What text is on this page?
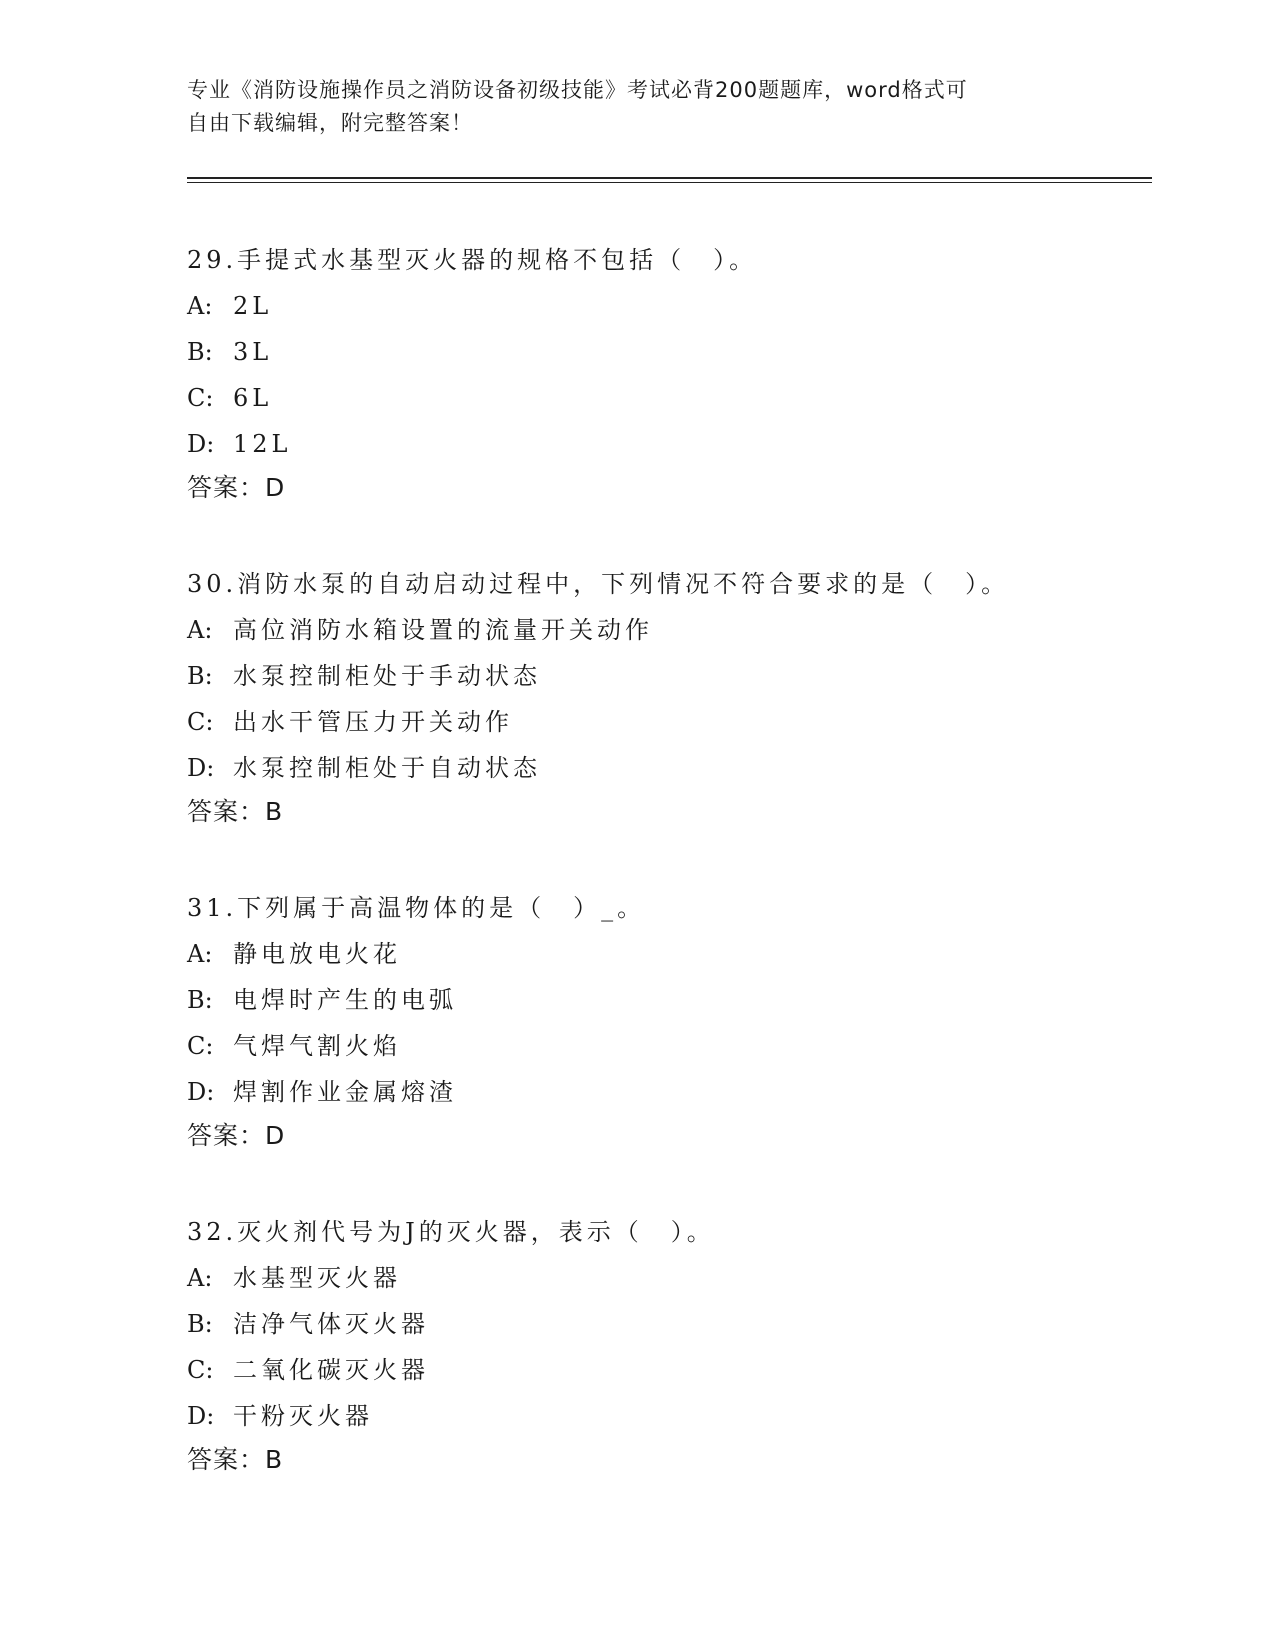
专业《消防设施操作员之消防设备初级技能》考试必背200题题库，word格式可
自由下载编辑，附完整答案！
29.手提式水基型灭火器的规格不包括（　）。
A: 2L
B: 3L
C: 6L
D: 12L
答案：D
30.消防水泵的自动启动过程中，下列情况不符合要求的是（　）。
A: 高位消防水箱设置的流量开关动作
B: 水泵控制柜处于手动状态
C: 出水干管压力开关动作
D: 水泵控制柜处于自动状态
答案：B
31.下列属于高温物体的是（　）_。
A: 静电放电火花
B: 电焊时产生的电弧
C: 气焊气割火焰
D: 焊割作业金属熔渣
答案：D
32.灭火剂代号为J的灭火器，表示（　）。
A: 水基型灭火器
B: 洁净气体灭火器
C: 二氧化碳灭火器
D: 干粉灭火器
答案：B
